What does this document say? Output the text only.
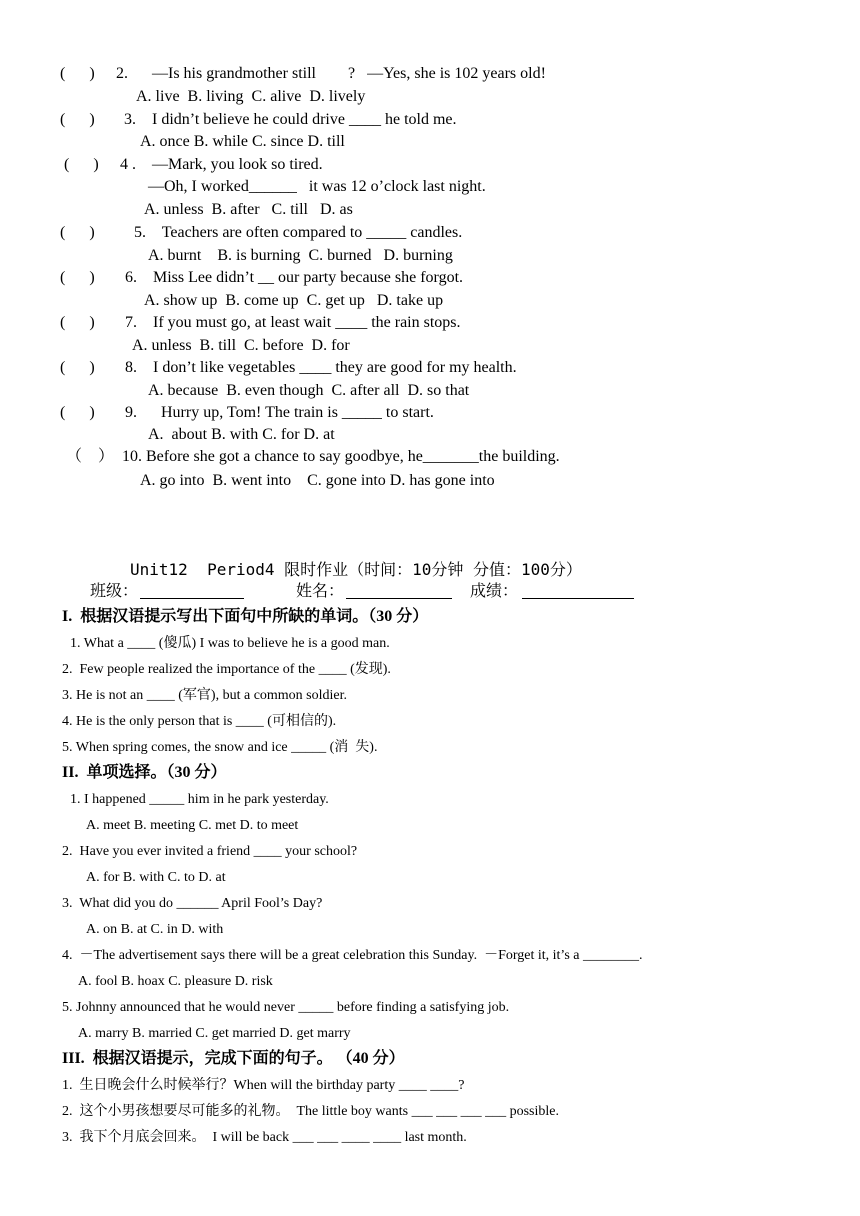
(      ) 2.      —Is his grandmother still        ?   —Yes, she is 102 years old!
A. live  B. living  C. alive  D. lively
(      ) 3.    I didn’t believe he could drive ____ he told me.
A. once B. while C. since D. till
(      ) 4 .    —Mark, you look so tired.
—Oh, I worked______   it was 12 o’clock last night.
A. unless  B. after   C. till   D. as
(      ) 5.    Teachers are often compared to _____ candles.
A. burnt    B. is burning  C. burned   D. burning
(      ) 6.    Miss Lee didn’t __ our party because she forgot.
A. show up  B. come up  C. get up   D. take up
(      ) 7.    If you must go, at least wait ____ the rain stops.
A. unless  B. till  C. before  D. for
(      ) 8.    I don’t like vegetables ____ they are good for my health.
A. because  B. even though  C. after all  D. so that
(      ) 9.      Hurry up, Tom! The train is _____ to start.
A.  about B. with C. for D. at
（    ） 10. Before she got a chance to say goodbye, he_______the building.
A. go into  B. went into    C. gone into D. has gone into
Unit12  Period4 限时作业（时间：10分钟 分值：100分）
班级：	姓名：	成绩：
I.  根据汉语提示写出下面句中所缺的单词。（30 分）
1. What a ____ (傻瓜) I was to believe he is a good man.
2.  Few people realized the importance of the ____ (发现).
3. He is not an ____ (军官), but a common soldier.
4. He is the only person that is ____ (可相信的).
5. When spring comes, the snow and ice _____ (消  失).
II.  单项选择。（30 分）
1. I happened _____ him in he park yesterday.
A. meet B. meeting C. met D. to meet
2.  Have you ever invited a friend ____ your school?
A. for B. with C. to D. at
3.  What did you do ______ April Fool’s Day?
A. on B. at C. in D. with
4.  －The advertisement says there will be a great celebration this Sunday.  －Forget it, it’s a ________.
A. fool B. hoax C. pleasure D. risk
5. Johnny announced that he would never _____ before finding a satisfying job.
A. marry B. married C. get married D. get marry
III.  根据汉语提示，完成下面的句子。 （40 分）
1.  生日晚会什么时候举行？When will the birthday party ____ ____?
2.  这个小男孩想要尽可能多的礼物。  The little boy wants ___ ___ ___ ___ possible.
3.  我下个月底会回来。  I will be back ___ ___ ____ ____ last month.
